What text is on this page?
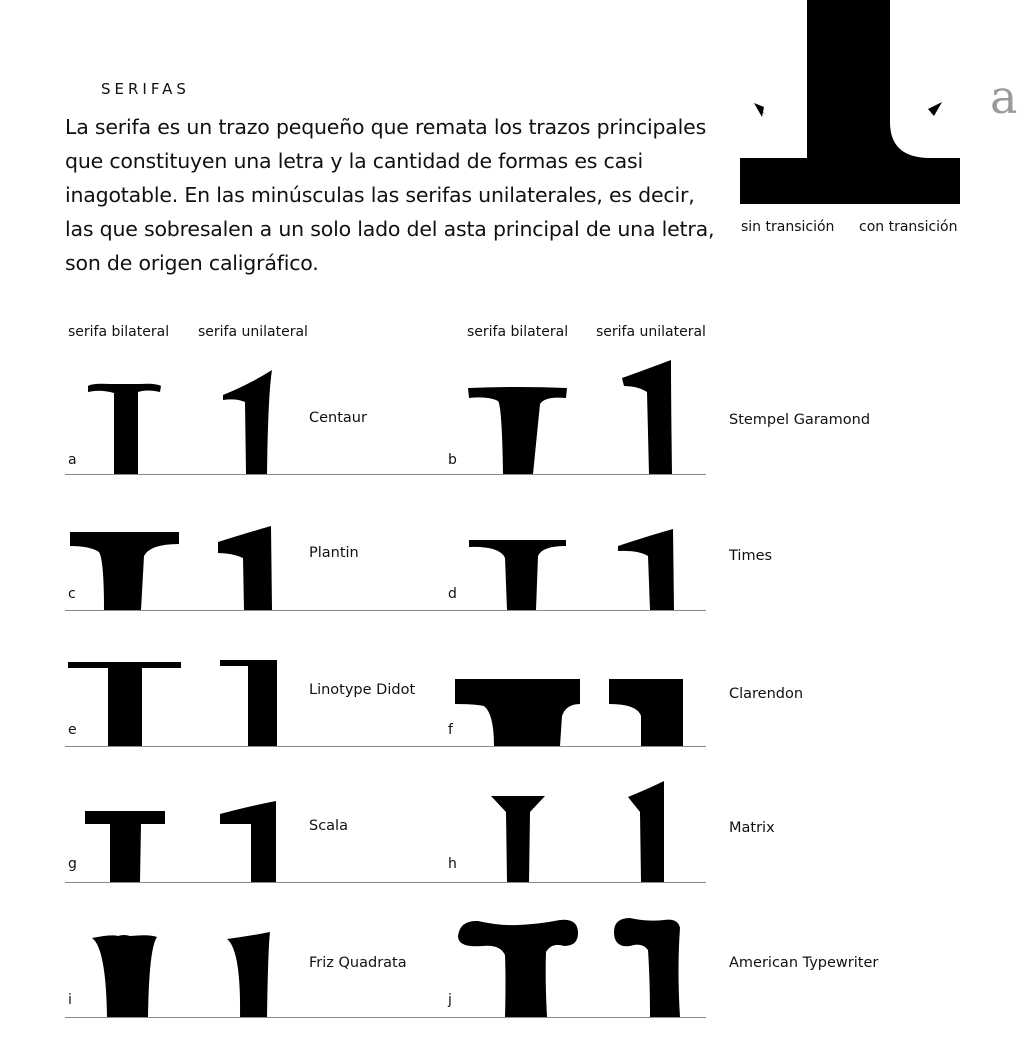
SERIFAS

La serifa es un trazo pequeño que remata los trazos principales que constituyen una letra y la cantidad de formas es casi inagotable. En las minúsculas las serifas unilaterales, es decir, las que sobresalen a un solo lado del asta principal de una letra, son de origen caligráfico.

a
sin transición con transición
serifa bilateral serifa unilateral	serifa bilateral serifa unilateral
a
Centaur
b
Stempel Garamond
c
Plantin
d
Times
e
Linotype Didot
f
Clarendon
g
Scala
h
Matrix
i
Friz Quadrata
j
American Typewriter
